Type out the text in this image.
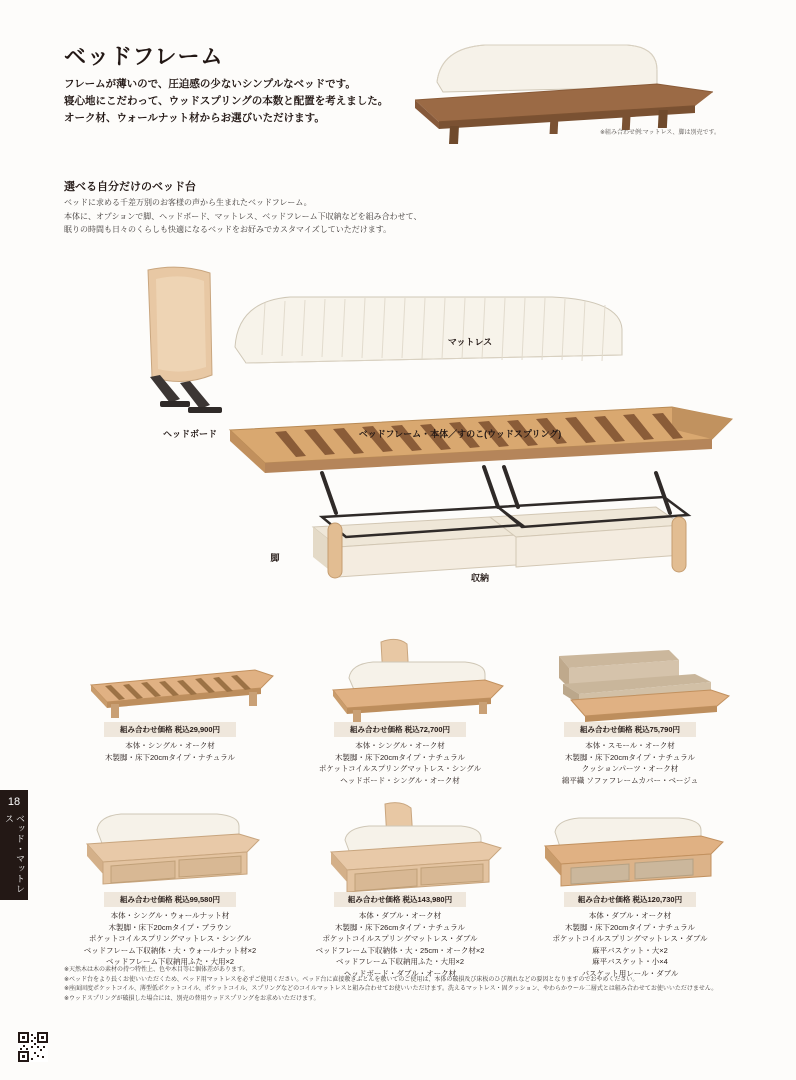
18
ベッド・マットレス
ベッドフレーム
フレームが薄いので、圧迫感の少ないシンプルなベッドです。
寝心地にこだわって、ウッドスプリングの本数と配置を考えました。
オーク材、ウォールナット材からお選びいただけます。
※組み合わせ例:マットレス、脚は別売です。
選べる自分だけのベッド台
ベッドに求める千差万別のお客様の声から生まれたベッドフレーム。
本体に、オプションで脚、ヘッドボード、マットレス、ベッドフレーム下収納などを組み合わせて、
眠りの時間も日々のくらしも快適になるベッドをお好みでカスタマイズしていただけます。
マットレス
ヘッドボード	ベッドフレーム・本体／すのこ(ウッドスプリング)
脚
収納
組み合わせ価格 税込29,900円
本体・シングル・オーク材
木製脚・床下20cmタイプ・ナチュラル
組み合わせ価格 税込72,700円
本体・シングル・オーク材
木製脚・床下20cmタイプ・ナチュラル
ポケットコイルスプリングマットレス・シングル
ヘッドボード・シングル・オーク材
組み合わせ価格 税込75,790円
本体・スモール・オーク材
木製脚・床下20cmタイプ・ナチュラル
クッションパーツ・オーク材
綿平織 ソファフレームカバー・ベージュ
組み合わせ価格 税込99,580円
本体・シングル・ウォールナット材
木製脚・床下20cmタイプ・ブラウン
ポケットコイルスプリングマットレス・シングル
ベッドフレーム下収納体・大・ウォールナット材×2
ベッドフレーム下収納用ふた・大用×2
組み合わせ価格 税込143,980円
本体・ダブル・オーク材
木製脚・床下26cmタイプ・ナチュラル
ポケットコイルスプリングマットレス・ダブル
ベッドフレーム下収納体・大・25cm・オーク材×2
ベッドフレーム下収納用ふた・大用×2
ヘッドボード・ダブル・オーク材
組み合わせ価格 税込120,730円
本体・ダブル・オーク材
木製脚・床下20cmタイプ・ナチュラル
ポケットコイルスプリングマットレス・ダブル
麻平バスケット・大×2
麻平バスケット・小×4
バスケット用レール・ダブル
※天然木は木の素材の持つ特性上、色や木目等に個体差があります。
※ベッド台をより長くお使いいただくため、ベッド用マットレスを必ずご使用ください。ベッド台に直接敷きぶとんを敷いてのご使用は、本体の破損及び床板のひび割れなどの要因となりますのでおやめください。
※座面固度ポケットコイル、薄型低ポケットコイル、ポケットコイル、スプリングなどのコイルマットレスと組み合わせてお使いいただけます。洗えるマットレス・固クッション、やわらかウール二層式とは組み合わせてお使いいただけません。
※ウッドスプリングが破損した場合には、別売の替用ウッドスプリングをお求めいただけます。
